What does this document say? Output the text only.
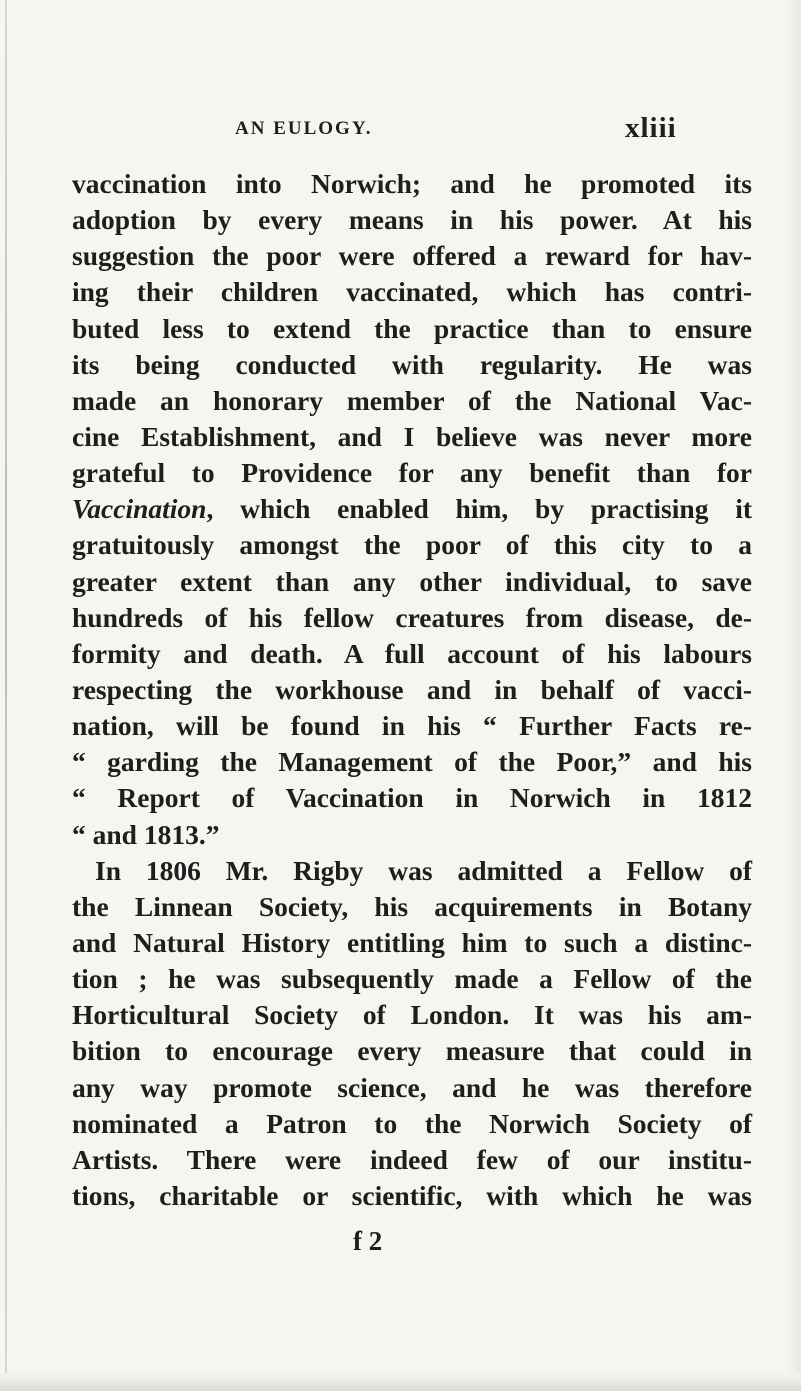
AN EULOGY.	xliii
vaccination into Norwich; and he promoted its
adoption by every means in his power. At his
suggestion the poor were offered a reward for hav-
ing their children vaccinated, which has contri-
buted less to extend the practice than to ensure
its being conducted with regularity. He was
made an honorary member of the National Vac-
cine Establishment, and I believe was never more
grateful to Providence for any benefit than for
Vaccination, which enabled him, by practising it
gratuitously amongst the poor of this city to a
greater extent than any other individual, to save
hundreds of his fellow creatures from disease, de-
formity and death. A full account of his labours
respecting the workhouse and in behalf of vacci-
nation, will be found in his “ Further Facts re-
“ garding the Management of the Poor,” and his
“ Report of Vaccination in Norwich in 1812
“ and 1813.”
In 1806 Mr. Rigby was admitted a Fellow of
the Linnean Society, his acquirements in Botany
and Natural History entitling him to such a distinc-
tion ; he was subsequently made a Fellow of the
Horticultural Society of London. It was his am-
bition to encourage every measure that could in
any way promote science, and he was therefore
nominated a Patron to the Norwich Society of
Artists. There were indeed few of our institu-
tions, charitable or scientific, with which he was
f 2
